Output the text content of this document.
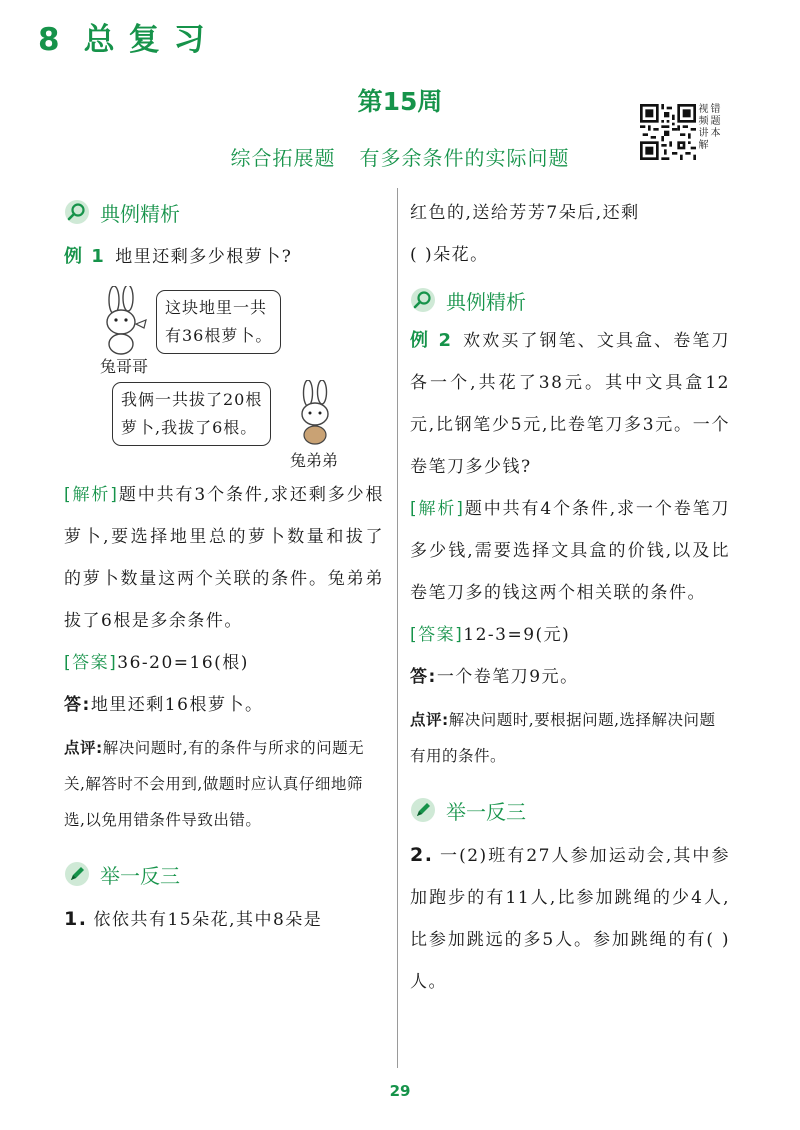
8 总复习
第15周
综合拓展题 有多余条件的实际问题
视频讲解
错题本
典例精析

例 1 地里还剩多少根萝卜?

这块地里一共
有36根萝卜。
兔哥哥
我俩一共拔了20根
萝卜,我拔了6根。
兔弟弟

[解析]题中共有3个条件,求还剩多少根萝卜,要选择地里总的萝卜数量和拔了的萝卜数量这两个关联的条件。兔弟弟拔了6根是多余条件。

[答案]36-20=16(根)

答:地里还剩16根萝卜。

点评:解决问题时,有的条件与所求的问题无关,解答时不会用到,做题时应认真仔细地筛选,以免用错条件导致出错。

举一反三

1. 依依共有15朵花,其中8朵是

红色的,送给芳芳7朵后,还剩
( )朵花。

典例精析

例 2 欢欢买了钢笔、文具盒、卷笔刀各一个,共花了38元。其中文具盒12元,比钢笔少5元,比卷笔刀多3元。一个卷笔刀多少钱?

[解析]题中共有4个条件,求一个卷笔刀多少钱,需要选择文具盒的价钱,以及比卷笔刀多的钱这两个相关联的条件。

[答案]12-3=9(元)

答:一个卷笔刀9元。

点评:解决问题时,要根据问题,选择解决问题有用的条件。

举一反三

2. 一(2)班有27人参加运动会,其中参加跑步的有11人,比参加跳绳的少4人,比参加跳远的多5人。参加跳绳的有( )人。

29
